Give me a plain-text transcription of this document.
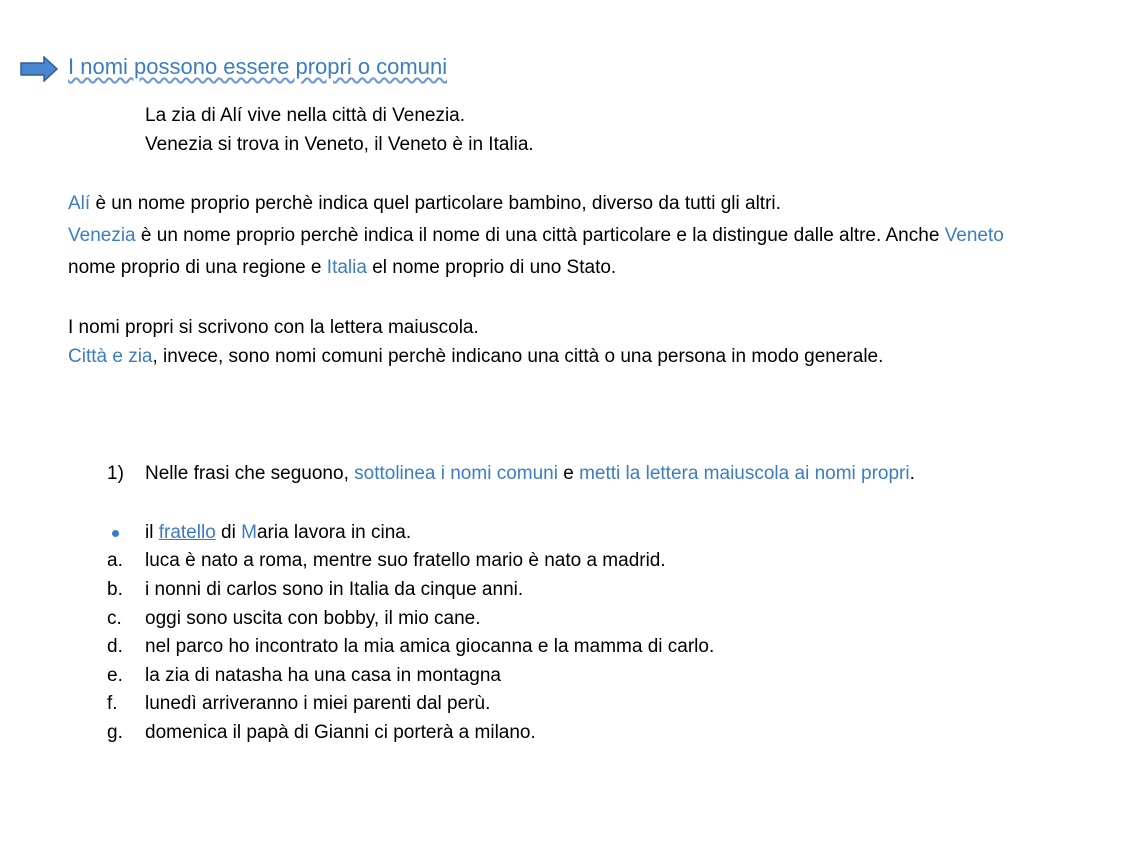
I nomi possono essere propri o comuni
La zia di Alí vive nella città di Venezia.
Venezia si trova in Veneto, il Veneto è in Italia.
Alí è un nome proprio perchè indica quel particolare bambino, diverso da tutti gli altri.
Venezia è un nome proprio perchè indica il nome di una città particolare e la distingue dalle altre. Anche Veneto
nome proprio di una regione e Italia el nome proprio di uno Stato.
I nomi propri si scrivono con la lettera maiuscola.
Città e zia, invece, sono nomi comuni perchè indicano una città o una persona in modo generale.
1)	Nelle frasi che seguono, sottolinea i nomi comuni e metti la lettera maiuscola ai nomi propri.
il fratello di Maria lavora in cina.
a.	luca è nato a roma, mentre suo fratello mario è nato a madrid.
b.	i nonni di carlos sono in Italia da cinque anni.
c.	oggi sono uscita con bobby, il mio cane.
d.	nel parco ho incontrato la mia amica giocanna e la mamma di carlo.
e.	la zia di natasha ha una casa in montagna
f.	lunedì arriveranno i miei parenti dal perù.
g.	domenica il papà di Gianni ci porterà a milano.
